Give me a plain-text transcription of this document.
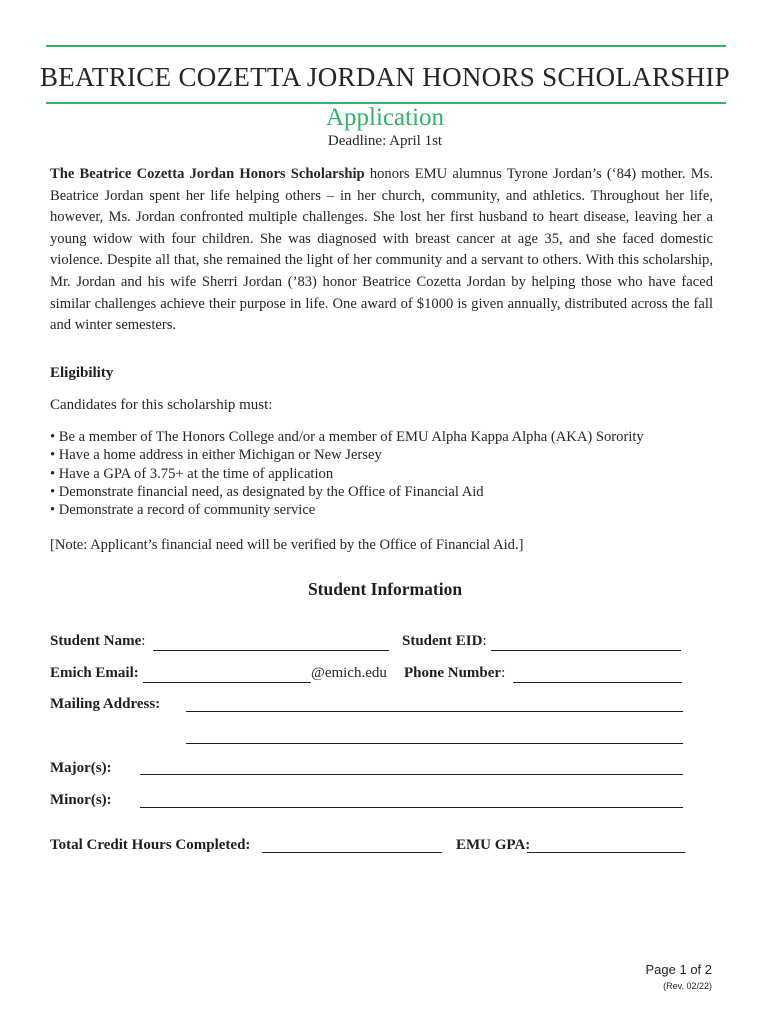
BEATRICE COZETTA JORDAN HONORS SCHOLARSHIP
Application
Deadline: April 1st
The Beatrice Cozetta Jordan Honors Scholarship honors EMU alumnus Tyrone Jordan’s (‘84) mother. Ms. Beatrice Jordan spent her life helping others – in her church, community, and athletics. Throughout her life, however, Ms. Jordan confronted multiple challenges. She lost her first husband to heart disease, leaving her a young widow with four children. She was diagnosed with breast cancer at age 35, and she faced domestic violence. Despite all that, she remained the light of her community and a servant to others. With this scholarship, Mr. Jordan and his wife Sherri Jordan (’83) honor Beatrice Cozetta Jordan by helping those who have faced similar challenges achieve their purpose in life. One award of $1000 is given annually, distributed across the fall and winter semesters.
Eligibility
Candidates for this scholarship must:
• Be a member of The Honors College and/or a member of EMU Alpha Kappa Alpha (AKA) Sorority
• Have a home address in either Michigan or New Jersey
• Have a GPA of 3.75+ at the time of application
• Demonstrate financial need, as designated by the Office of Financial Aid
• Demonstrate a record of community service
[Note: Applicant’s financial need will be verified by the Office of Financial Aid.]
Student Information
Student Name:	Student EID:
Emich Email:	@emich.edu Phone Number:
Mailing Address:
Major(s):
Minor(s):
Total Credit Hours Completed:	EMU GPA:
Page 1 of 2
(Rev. 02/22)
